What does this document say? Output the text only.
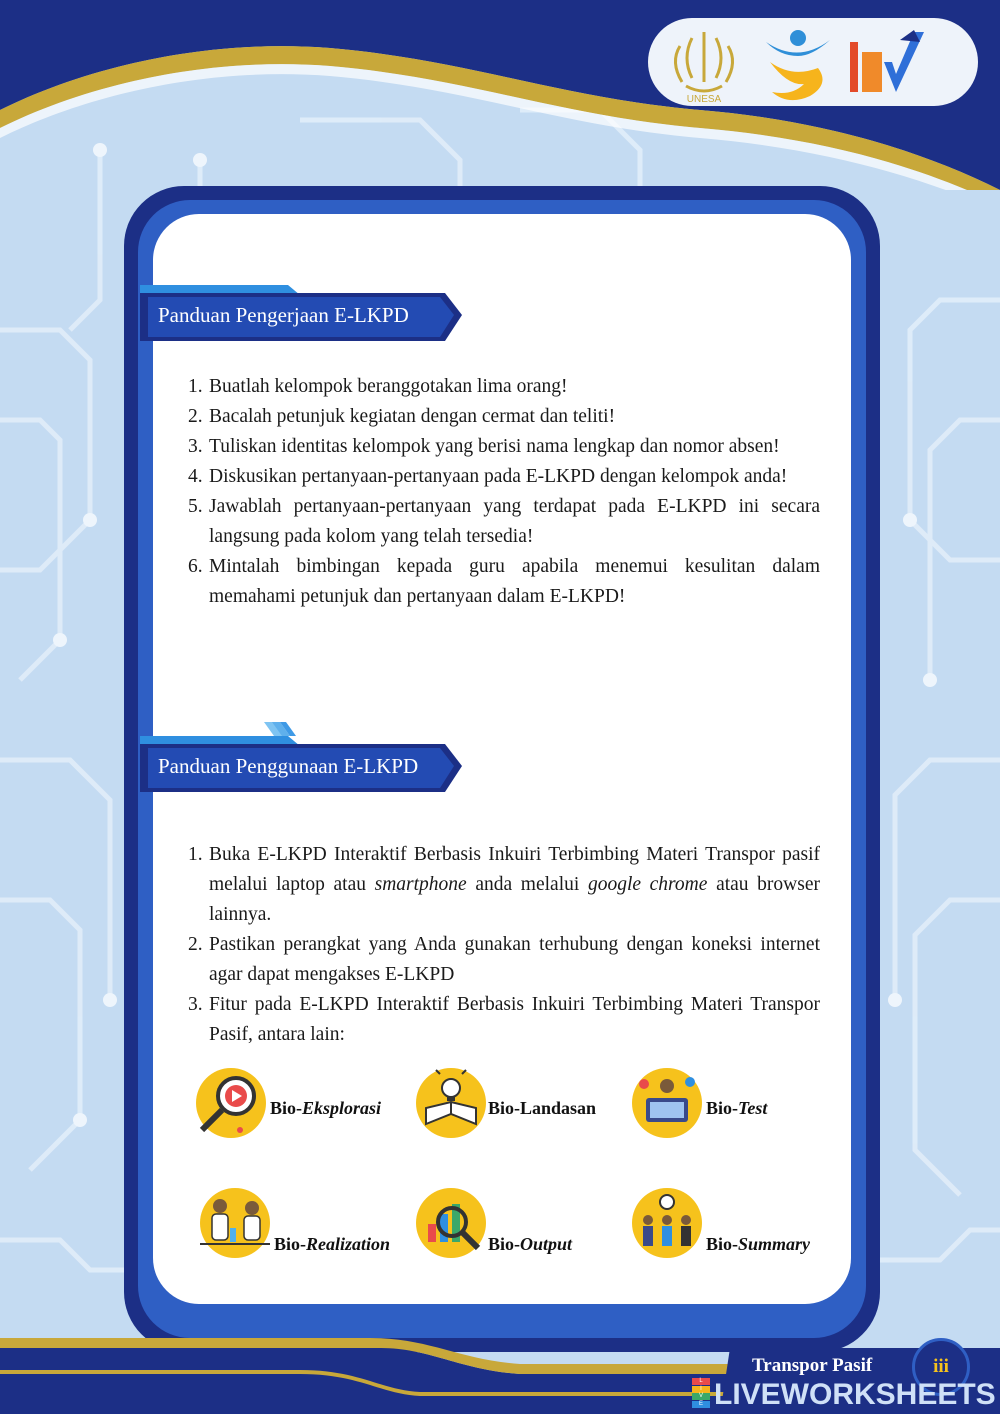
UNESA
Panduan Pengerjaan E-LKPD
1. Buatlah kelompok beranggotakan lima orang!
2. Bacalah petunjuk kegiatan dengan cermat dan teliti!
3. Tuliskan identitas kelompok yang berisi nama lengkap dan nomor absen!
4. Diskusikan pertanyaan-pertanyaan pada E-LKPD dengan kelompok anda!
5. Jawablah pertanyaan-pertanyaan yang terdapat pada E-LKPD ini secara langsung pada kolom yang telah tersedia!
6. Mintalah bimbingan kepada guru apabila menemui kesulitan dalam memahami petunjuk dan pertanyaan dalam E-LKPD!
Panduan Penggunaan E-LKPD
1. Buka E-LKPD Interaktif Berbasis Inkuiri Terbimbing Materi Transpor pasif melalui laptop atau smartphone anda melalui google chrome atau browser lainnya.
2. Pastikan perangkat yang Anda gunakan terhubung dengan koneksi internet agar dapat mengakses E-LKPD
3. Fitur pada E-LKPD Interaktif Berbasis Inkuiri Terbimbing Materi Transpor Pasif, antara lain:
Bio-Eksplorasi	Bio-Landasan	Bio-Test
Bio-Realization	Bio-Output	Bio-Summary
Transpor Pasif	iii
L
I
V
E LIVEWORKSHEETS
